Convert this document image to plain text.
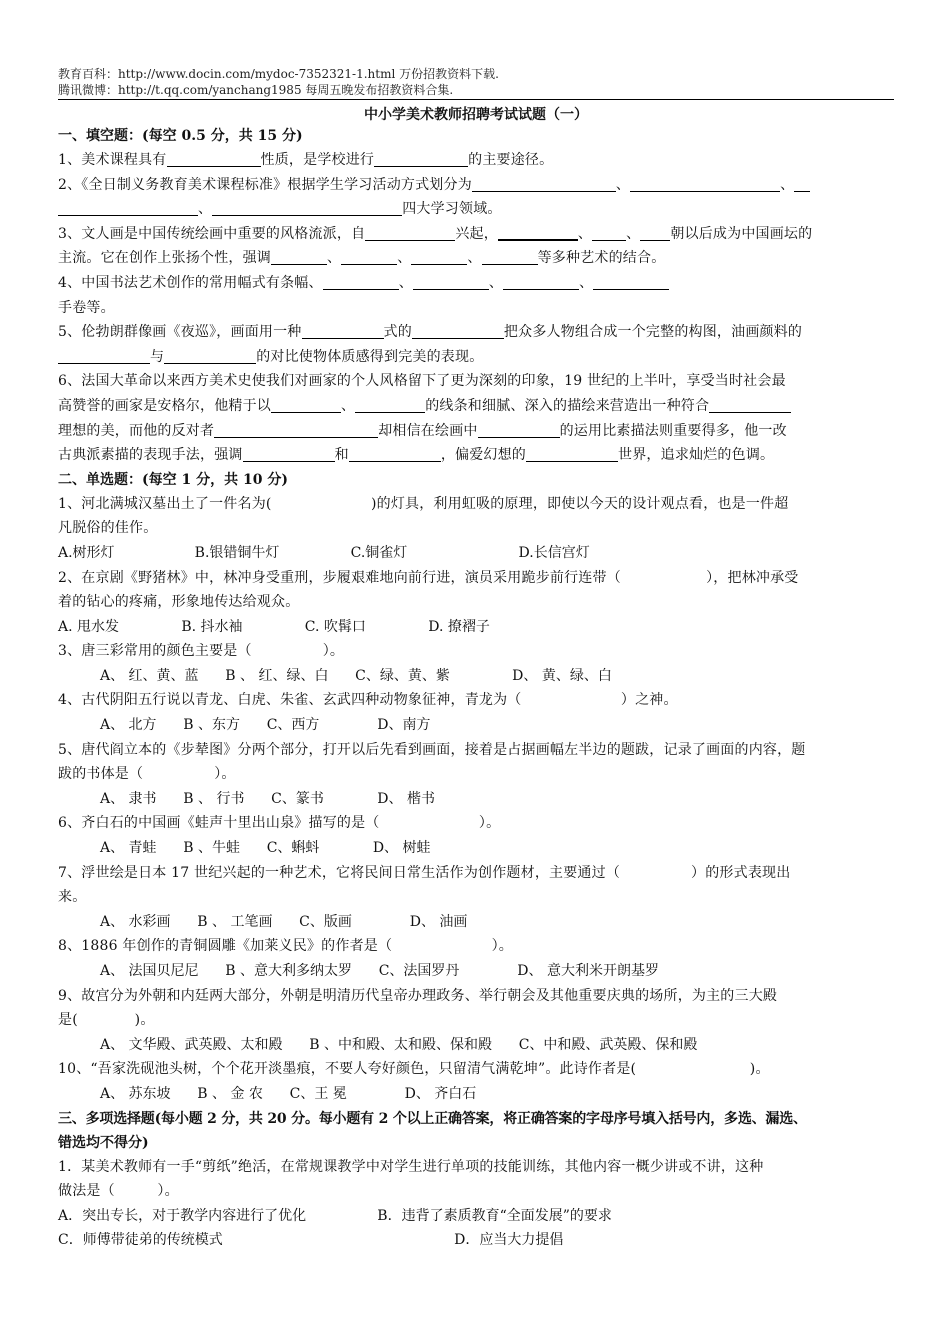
教育百科：http://www.docin.com/mydoc-7352321-1.html 万份招教资料下载.
腾讯微博：http://t.qq.com/yanchang1985 每周五晚发布招教资料合集.
中小学美术教师招聘考试试题（一）
一、填空题：(每空 0.5 分，共 15 分)
1、美术课程具有	性质，是学校进行	的主要途径。
2、《全日制义务教育美术课程标准》根据学生学习活动方式划分为	、	、
、	四大学习领域。
3、文人画是中国传统绘画中重要的风格流派，自	兴起，	、 、 朝以后成为中国画坛的
主流。它在创作上张扬个性，强调	、	、	、	等多种艺术的结合。
4、中国书法艺术创作的常用幅式有条幅、	、	、	、
手卷等。
5、伦勃朗群像画《夜巡》，画面用一种	式的	把众多人物组合成一个完整的构图，油画颜料的
与	的对比使物体质感得到完美的表现。
6、法国大革命以来西方美术史使我们对画家的个人风格留下了更为深刻的印象，19 世纪的上半叶，享受当时社会最
高赞誉的画家是安格尔，他精于以	、	的线条和细腻、深入的描绘来营造出一种符合
理想的美，而他的反对者	却相信在绘画中	的运用比素描法则重要得多，他一改
古典派素描的表现手法，强调	和	，偏爱幻想的	世界，追求灿烂的色调。
二、单选题：(每空 1 分，共 10 分)
1、河北满城汉墓出土了一件名为(　　　　　　　)的灯具，利用虹吸的原理，即使以今天的设计观点看，也是一件超
凡脱俗的佳作。
A.树形灯                  B.银错铜牛灯                C.铜雀灯                         D.长信宫灯
2、在京剧《野猪林》中，林冲身受重刑，步履艰难地向前行进，演员采用跪步前行连带（　　　　　　），把林冲承受
着的钻心的疼痛，形象地传达给观众。
A. 甩水发              B. 抖水袖              C. 吹髯口              D. 撩褶子
3、唐三彩常用的颜色主要是（　　　　　）。
A、 红、黄、蓝      B 、 红、绿、白      C、绿、黄、紫              D、 黄、绿、白
4、古代阴阳五行说以青龙、白虎、朱雀、玄武四种动物象征神，青龙为（　　　　　　　）之神。
A、 北方      B 、东方      C、西方             D、南方
5、唐代阎立本的《步辇图》分两个部分，打开以后先看到画面，接着是占据画幅左半边的题跋，记录了画面的内容，题
跋的书体是（　　　　　）。
A、 隶书      B 、 行书      C、篆书            D、 楷书
6、齐白石的中国画《蛙声十里出山泉》描写的是（　　　　　　　）。
A、 青蛙      B 、牛蛙      C、蝌蚪            D、 树蛙
7、浮世绘是日本 17 世纪兴起的一种艺术，它将民间日常生活作为创作题材，主要通过（　　　　　）的形式表现出
来。
A、 水彩画      B 、 工笔画      C、版画             D、 油画
8、1886 年创作的青铜圆雕《加莱义民》的作者是（　　　　　　　）。
A、 法国贝尼尼      B 、意大利多纳太罗      C、法国罗丹             D、 意大利米开朗基罗
9、故宫分为外朝和内廷两大部分，外朝是明清历代皇帝办理政务、举行朝会及其他重要庆典的场所，为主的三大殿
是(　　　　)。
A、 文华殿、武英殿、太和殿      B 、中和殿、太和殿、保和殿      C、中和殿、武英殿、保和殿
10、“吾家洗砚池头树，个个花开淡墨痕，不要人夸好颜色，只留清气满乾坤”。此诗作者是(　　　　　　　　)。
A、 苏东坡      B 、 金 农      C、王 冕             D、 齐白石
三、多项选择题(每小题 2 分，共 20 分。每小题有 2 个以上正确答案，将正确答案的字母序号填入括号内，多选、漏选、
错选均不得分)
1．某美术教师有一手“剪纸”绝活，在常规课教学中对学生进行单项的技能训练，其他内容一概少讲或不讲，这种
做法是（　　　）。
A．突出专长，对于教学内容进行了优化                B．违背了素质教育“全面发展”的要求
C．师傅带徒弟的传统模式                                                    D．应当大力提倡
